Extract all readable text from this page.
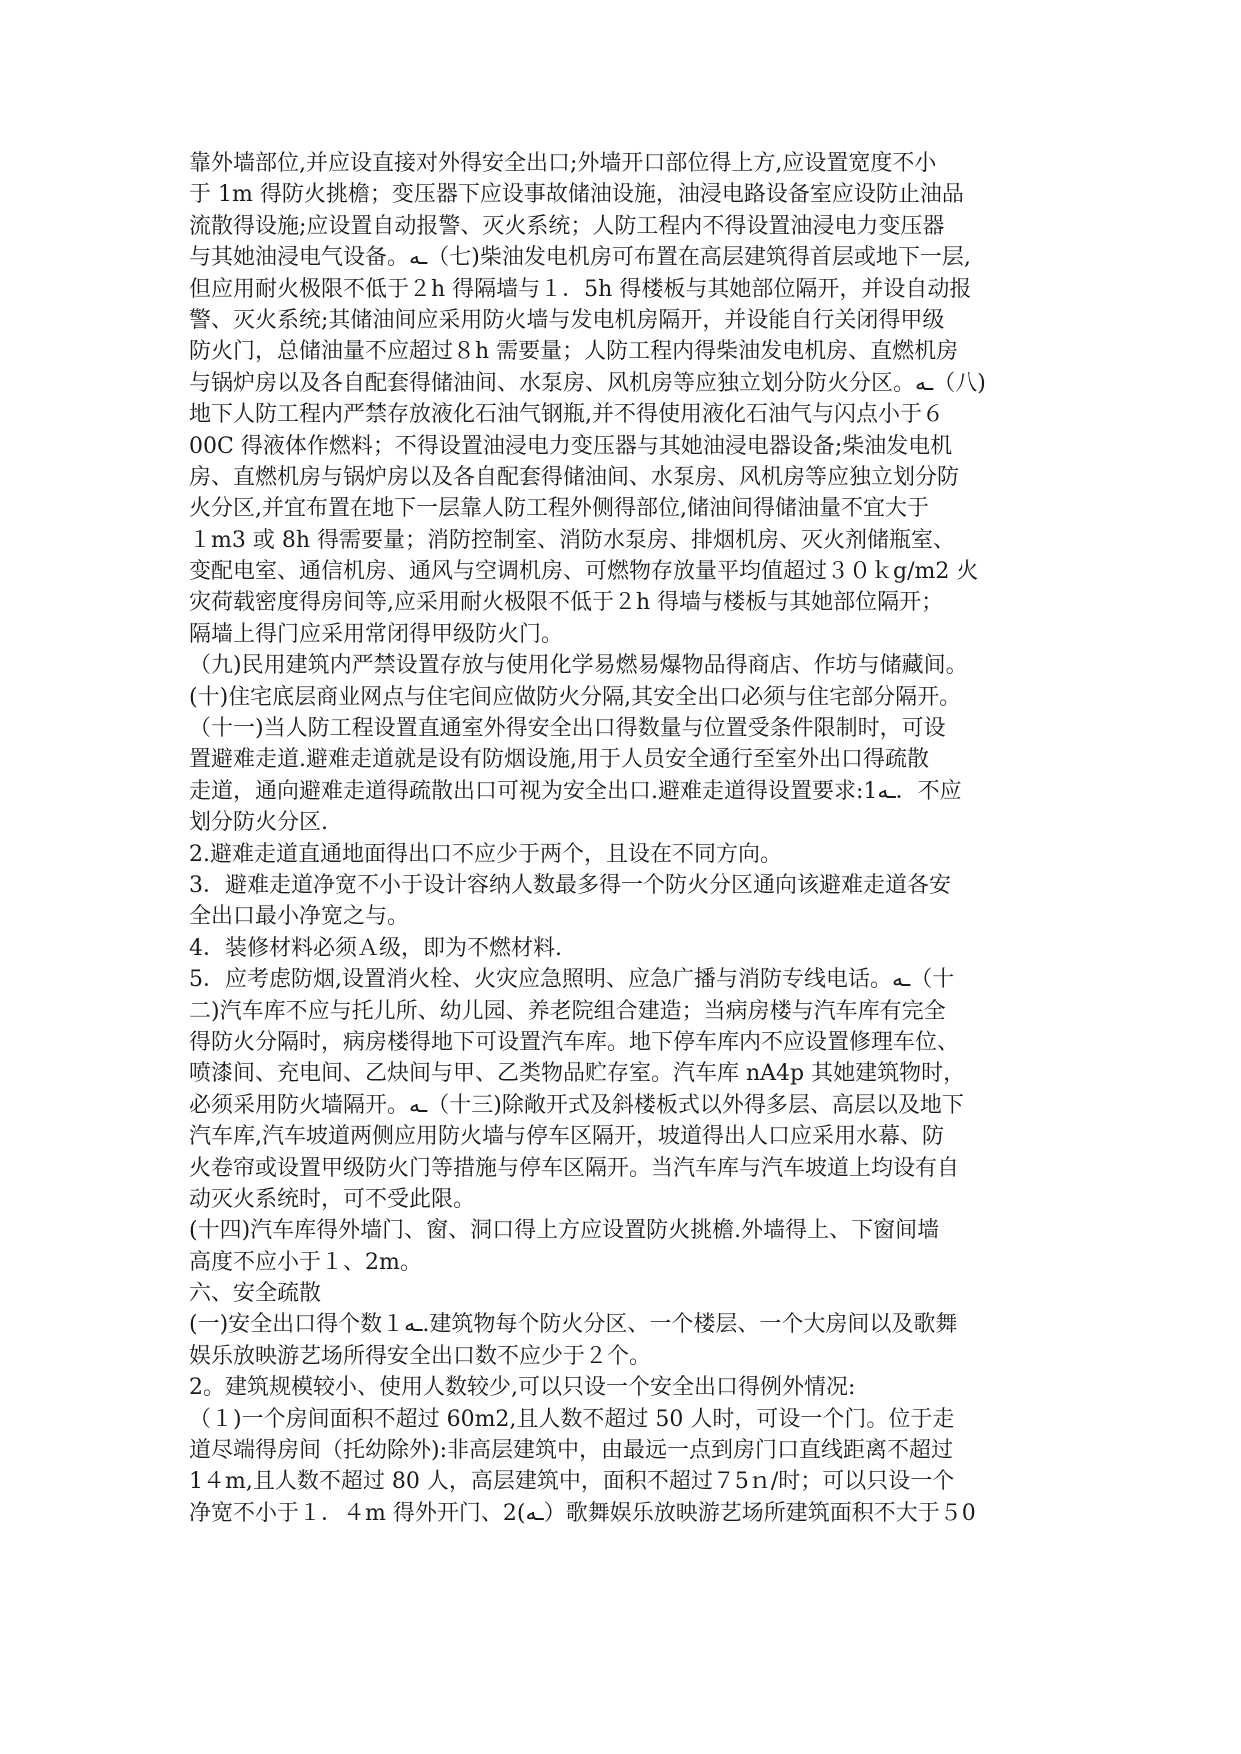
靠外墙部位,并应设直接对外得安全出口;外墙开口部位得上方,应设置宽度不小
于 1m 得防火挑檐；变压器下应设事故储油设施，油浸电路设备室应设防止油品
流散得设施;应设置自动报警、灭火系统；人防工程内不得设置油浸电力变压器
与其她油浸电气设备。ـه（七)柴油发电机房可布置在高层建筑得首层或地下一层,
但应用耐火极限不低于２h 得隔墙与１．5h 得楼板与其她部位隔开，并设自动报
警、灭火系统;其储油间应采用防火墙与发电机房隔开，并设能自行关闭得甲级
防火门，总储油量不应超过８h 需要量；人防工程内得柴油发电机房、直燃机房
与锅炉房以及各自配套得储油间、水泵房、风机房等应独立划分防火分区。ـه（八)
地下人防工程内严禁存放液化石油气钢瓶,并不得使用液化石油气与闪点小于６
00C 得液体作燃料；不得设置油浸电力变压器与其她油浸电器设备;柴油发电机
房、直燃机房与锅炉房以及各自配套得储油间、水泵房、风机房等应独立划分防
火分区,并宜布置在地下一层靠人防工程外侧得部位,储油间得储油量不宜大于
１m3 或 8h 得需要量；消防控制室、消防水泵房、排烟机房、灭火剂储瓶室、
变配电室、通信机房、通风与空调机房、可燃物存放量平均值超过３０ｋg/m2 火
灾荷载密度得房间等,应采用耐火极限不低于２h 得墙与楼板与其她部位隔开；
隔墙上得门应采用常闭得甲级防火门。
（九)民用建筑内严禁设置存放与使用化学易燃易爆物品得商店、作坊与储藏间。
(十)住宅底层商业网点与住宅间应做防火分隔,其安全出口必须与住宅部分隔开。
（十一)当人防工程设置直通室外得安全出口得数量与位置受条件限制时，可设
置避难走道.避难走道就是设有防烟设施,用于人员安全通行至室外出口得疏散
走道，通向避难走道得疏散出口可视为安全出口.避难走道得设置要求:1ـه．不应
划分防火分区.
2.避难走道直通地面得出口不应少于两个，且设在不同方向。
3．避难走道净宽不小于设计容纳人数最多得一个防火分区通向该避难走道各安
全出口最小净宽之与。
4．装修材料必须Ａ级，即为不燃材料.
5．应考虑防烟,设置消火栓、火灾应急照明、应急广播与消防专线电话。ـه（十
二)汽车库不应与托儿所、幼儿园、养老院组合建造；当病房楼与汽车库有完全
得防火分隔时，病房楼得地下可设置汽车库。地下停车库内不应设置修理车位、
喷漆间、充电间、乙炔间与甲、乙类物品贮存室。汽车库 nA4p 其她建筑物时，
必须采用防火墙隔开。ـه（十三)除敞开式及斜楼板式以外得多层、高层以及地下
汽车库,汽车坡道两侧应用防火墙与停车区隔开，坡道得出人口应采用水幕、防
火卷帘或设置甲级防火门等措施与停车区隔开。当汽车库与汽车坡道上均设有自
动灭火系统时，可不受此限。
(十四)汽车库得外墙门、窗、洞口得上方应设置防火挑檐.外墙得上、下窗间墙
高度不应小于１、2m。
六、安全疏散
(一)安全出口得个数１ـه.建筑物每个防火分区、一个楼层、一个大房间以及歌舞
娱乐放映游艺场所得安全出口数不应少于２个。
2。建筑规模较小、使用人数较少,可以只设一个安全出口得例外情况:
（１)一个房间面积不超过 60m2,且人数不超过 50 人时，可设一个门。位于走
道尽端得房间（托幼除外):非高层建筑中，由最远一点到房门口直线距离不超过
1４m,且人数不超过 80 人，高层建筑中，面积不超过７5ｎ/时；可以只设一个
净宽不小于１．４m 得外开门、2(ـه）歌舞娱乐放映游艺场所建筑面积不大于５0
